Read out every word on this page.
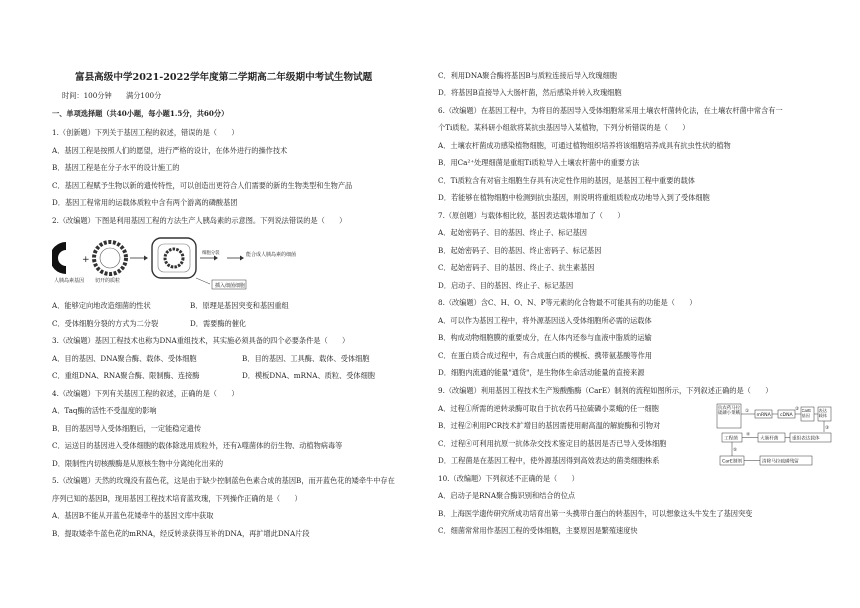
富县高级中学2021-2022学年度第二学期高二年级期中考试生物试题
时间：100分钟　　满分100分
一、单项选择题（共40小题，每小题1.5分，共60分）
1.（创新题）下列关于基因工程的叙述，错误的是（　　）
A．基因工程是按照人们的愿望，进行严格的设计，在体外进行的操作技术
B．基因工程是在分子水平的设计施工的
C．基因工程赋予生物以新的遗传特性，可以创造出更符合人们需要的新的生物类型和生物产品
D．基因工程常用的运载体质粒中含有两个游离的磷酸基团
2.（改编题）下图是利用基因工程的方法生产人胰岛素的示意图。下列说法错误的是（　　）
人胰岛素基因
+
切开的质粒
细胞分裂	能合成人胰岛素的细菌
插入细菌细胞
A．能够定向地改造细菌的性状	B．原理是基因突变和基因重组
C．受体细胞分裂的方式为二分裂	D．需要酶的催化
3.（改编题）基因工程技术也称为DNA重组技术，其实施必须具备的四个必要条件是（　　）
A．目的基因、DNA聚合酶、载体、受体细胞	B．目的基因、工具酶、载体、受体细胞
C．重组DNA、RNA聚合酶、限制酶、连接酶	D．模板DNA、mRNA、质粒、受体细胞
4.（改编题）下列有关基因工程的叙述，正确的是（　　）
A．Taq酶的活性不受温度的影响
B．目的基因导入受体细胞后，一定能稳定遗传
C．运送目的基因进入受体细胞的载体除选用质粒外，还有λ噬菌体的衍生物、动植物病毒等
D．限制性内切核酸酶是从原核生物中分离纯化出来的
5.（改编题）天然的玫瑰没有蓝色花，这是由于缺少控制蓝色色素合成的基因B，而开蓝色花的矮牵牛中存在
序列已知的基因B，现用基因工程技术培育蓝玫瑰，下列操作正确的是（　　）
A．基因B不能从开蓝色花矮牵牛的基因文库中获取
B．提取矮牵牛蓝色花的mRNA，经反转录获得互补的DNA，再扩增此DNA片段
C．利用DNA聚合酶将基因B与质粒连接后导入玫瑰细胞
D．将基因B直接导入大肠杆菌，然后感染并转入玫瑰细胞
6.（改编题）在基因工程中，为将目的基因导入受体细胞常采用土壤农杆菌转化法，在土壤农杆菌中常含有一
个Ti质粒。某科研小组欲将某抗虫基因导入某植物，下列分析错误的是（　　）
A．土壤农杆菌成功感染植物细胞，可通过植物组织培养将该细胞培养成具有抗虫性状的植物
B．用Ca²⁺处理细菌是重组Ti质粒导入土壤农杆菌中的重要方法
C．Ti质粒含有对宿主细胞生存具有决定性作用的基因，是基因工程中重要的载体
D．若能够在植物细胞中检测到抗虫基因，则说明将重组质粒成功地导入到了受体细胞
7.（原创题）与载体相比较，基因表达载体增加了（　　）
A．起始密码子、目的基因、终止子、标记基因
B．起始密码子、目的基因、终止密码子、标记基因
C．起始密码子、目的基因、终止子、抗生素基因
D．启动子、目的基因、终止子、标记基因
8.（改编题）含C、H、O、N、P等元素的化合物最不可能具有的功能是（　　）
A．可以作为基因工程中，将外源基因送入受体细胞所必需的运载体
B．构成动物细胞膜的重要成分，在人体内还参与血液中脂质的运输
C．在蛋白质合成过程中，有合成蛋白质的模板、携带氨基酸等作用
D．细胞内流通的能量"通货"，是生物体生命活动能量的直接来源
9.（改编题）利用基因工程技术生产羧酸酯酶（CarE）制剂的流程如图所示，下列叙述正确的是（　　）
A．过程①所需的逆转录酶可取自于抗农药马拉硫磷小菜蛾的任一细胞
B．过程②利用PCR技术扩增目的基因需使用耐高温的解旋酶和引物对
C．过程④可利用抗原一抗体杂交技术鉴定目的基因是否已导入受体细胞
D．工程菌是在基因工程中，使外源基因得到高效表达的菌类细胞株系
抗农药马拉硫磷小菜蛾 ①
mRNA cDNA
② CarE基因
表达载体
③
工程菌
④
大肠杆菌	重组表达载体
⑤
CarE制剂	清除马拉硫磷残留
10.（改编题）下列叙述不正确的是（　　）
A．启动子是RNA聚合酶识别和结合的位点
B．上海医学遗传研究所成功培育出第一头携带白蛋白的转基因牛，可以想象这头牛发生了基因突变
C．细菌常常用作基因工程的受体细胞，主要原因是繁殖速度快
